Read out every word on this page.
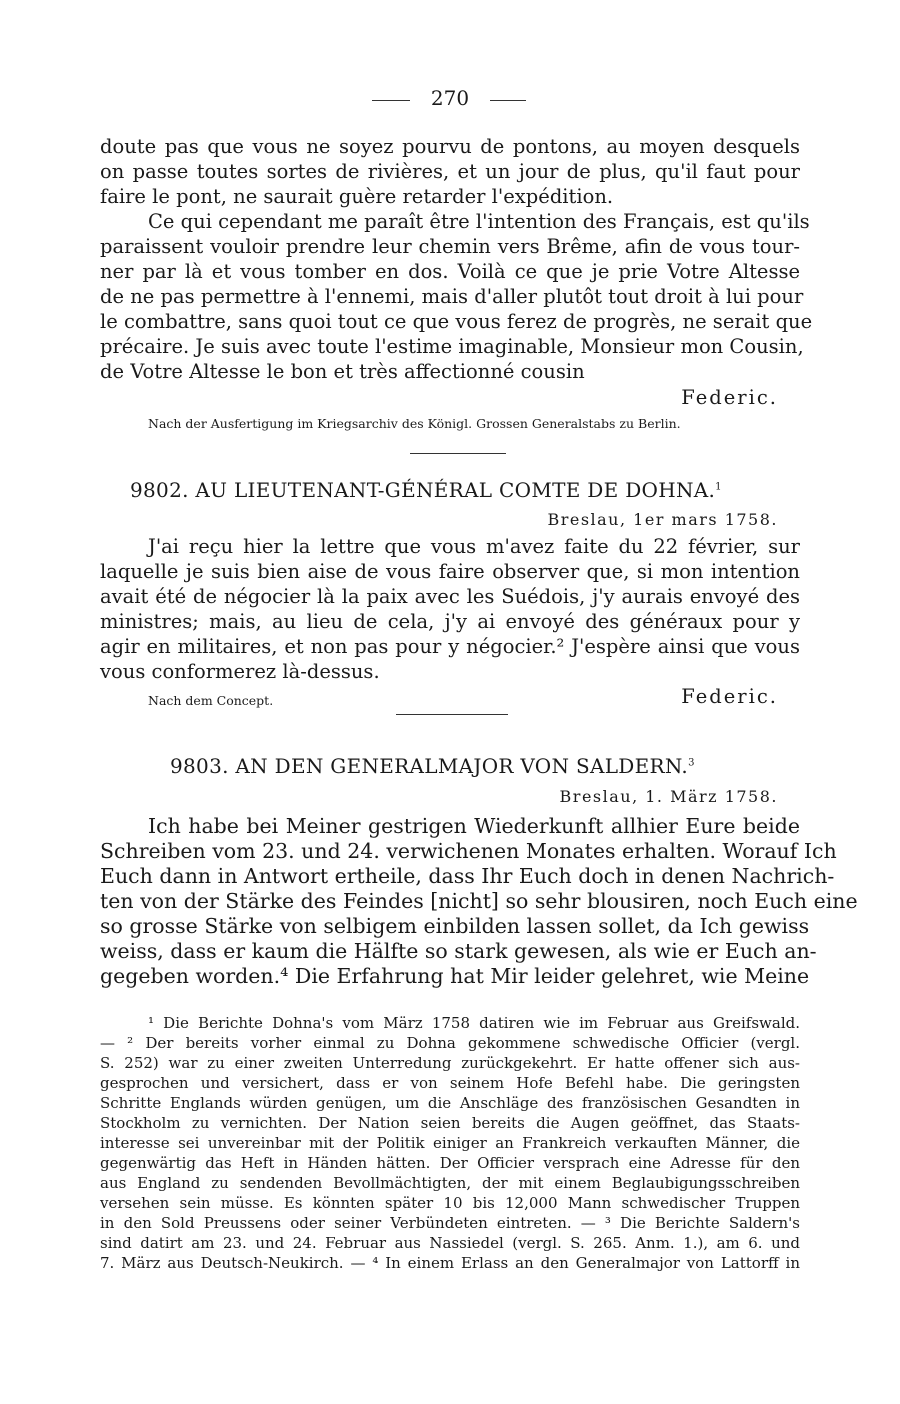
270
doute pas que vous ne soyez pourvu de pontons, au moyen desquels
on passe toutes sortes de rivières, et un jour de plus, qu'il faut pour
faire le pont, ne saurait guère retarder l'expédition.
Ce qui cependant me paraît être l'intention des Français, est qu'ils
paraissent vouloir prendre leur chemin vers Brême, afin de vous tour-
ner par là et vous tomber en dos. Voilà ce que je prie Votre Altesse
de ne pas permettre à l'ennemi, mais d'aller plutôt tout droit à lui pour
le combattre, sans quoi tout ce que vous ferez de progrès, ne serait que
précaire. Je suis avec toute l'estime imaginable, Monsieur mon Cousin,
de Votre Altesse le bon et très affectionné cousin
Federic.
Nach der Ausfertigung im Kriegsarchiv des Königl. Grossen Generalstabs zu Berlin.
9802. AU LIEUTENANT-GÉNÉRAL COMTE DE DOHNA.$^1$
Breslau, 1er mars 1758.
J'ai reçu hier la lettre que vous m'avez faite du 22 février, sur
laquelle je suis bien aise de vous faire observer que, si mon intention
avait été de négocier là la paix avec les Suédois, j'y aurais envoyé des
ministres; mais, au lieu de cela, j'y ai envoyé des généraux pour y
agir en militaires, et non pas pour y négocier.² J'espère ainsi que vous
vous conformerez là-dessus.
Nach dem Concept.	Federic.
9803. AN DEN GENERALMAJOR VON SALDERN.$^3$
Breslau, 1. März 1758.
Ich habe bei Meiner gestrigen Wiederkunft allhier Eure beide
Schreiben vom 23. und 24. verwichenen Monates erhalten. Worauf Ich
Euch dann in Antwort ertheile, dass Ihr Euch doch in denen Nachrich-
ten von der Stärke des Feindes [nicht] so sehr blousiren, noch Euch eine
so grosse Stärke von selbigem einbilden lassen sollet, da Ich gewiss
weiss, dass er kaum die Hälfte so stark gewesen, als wie er Euch an-
gegeben worden.⁴ Die Erfahrung hat Mir leider gelehret, wie Meine
¹ Die Berichte Dohna's vom März 1758 datiren wie im Februar aus Greifswald.
— ² Der bereits vorher einmal zu Dohna gekommene schwedische Officier (vergl.
S. 252) war zu einer zweiten Unterredung zurückgekehrt. Er hatte offener sich aus-
gesprochen und versichert, dass er von seinem Hofe Befehl habe. Die geringsten
Schritte Englands würden genügen, um die Anschläge des französischen Gesandten in
Stockholm zu vernichten. Der Nation seien bereits die Augen geöffnet, das Staats-
interesse sei unvereinbar mit der Politik einiger an Frankreich verkauften Männer, die
gegenwärtig das Heft in Händen hätten. Der Officier versprach eine Adresse für den
aus England zu sendenden Bevollmächtigten, der mit einem Beglaubigungsschreiben
versehen sein müsse. Es könnten später 10 bis 12,000 Mann schwedischer Truppen
in den Sold Preussens oder seiner Verbündeten eintreten. — ³ Die Berichte Saldern's
sind datirt am 23. und 24. Februar aus Nassiedel (vergl. S. 265. Anm. 1.), am 6. und
7. März aus Deutsch-Neukirch. — ⁴ In einem Erlass an den Generalmajor von Lattorff in
